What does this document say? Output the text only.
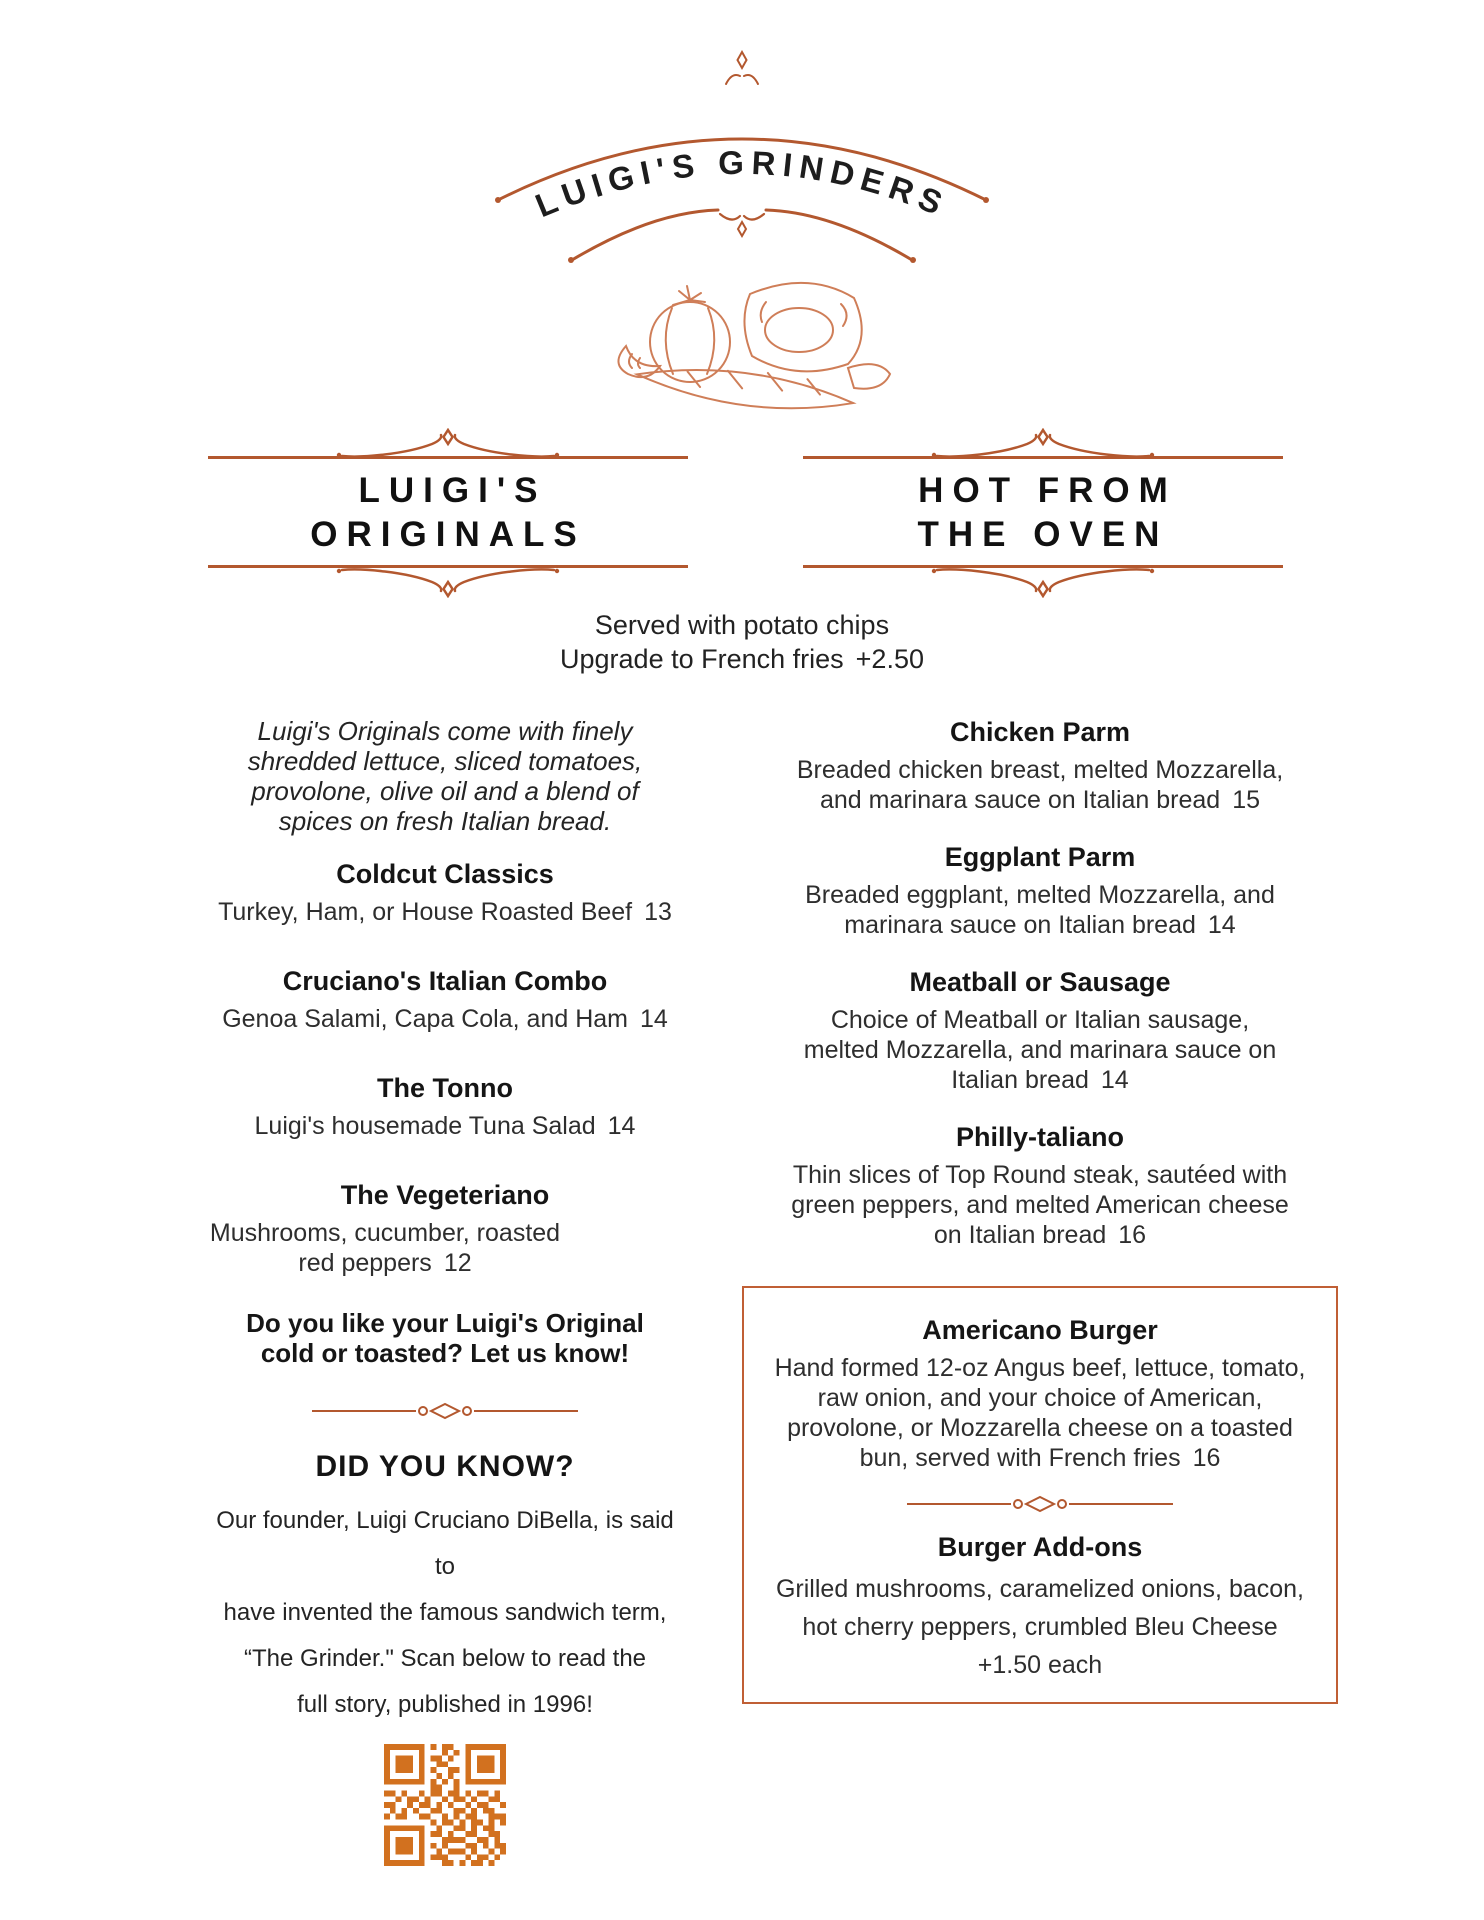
LUIGI'S GRINDERS
LUIGI'S
ORIGINALS
HOT FROM
THE OVEN

Served with potato chips

Upgrade to French fries +2.50

Luigi's Originals come with finely shredded lettuce, sliced tomatoes, provolone, olive oil and a blend of spices on fresh Italian bread.

Coldcut Classics

Turkey, Ham, or House Roasted Beef 13

Cruciano's Italian Combo

Genoa Salami, Capa Cola, and Ham 14

The Tonno

Luigi's housemade Tuna Salad 14

The Vegeteriano

Mushrooms, cucumber, roasted red peppers 12

Do you like your Luigi's Original cold or toasted? Let us know!

DID YOU KNOW?

Our founder, Luigi Cruciano DiBella, is said to
have invented the famous sandwich term,
“The Grinder." Scan below to read the
full story, published in 1996!

Chicken Parm

Breaded chicken breast, melted Mozzarella, and marinara sauce on Italian bread 15

Eggplant Parm

Breaded eggplant, melted Mozzarella, and marinara sauce on Italian bread 14

Meatball or Sausage

Choice of Meatball or Italian sausage, melted Mozzarella, and marinara sauce on Italian bread 14

Philly-taliano

Thin slices of Top Round steak, sautéed with green peppers, and melted American cheese on Italian bread 16

Americano Burger

Hand formed 12-oz Angus beef, lettuce, tomato, raw onion, and your choice of American, provolone, or Mozzarella cheese on a toasted bun, served with French fries 16

Burger Add-ons

Grilled mushrooms, caramelized onions, bacon, hot cherry peppers, crumbled Bleu Cheese

+1.50 each
